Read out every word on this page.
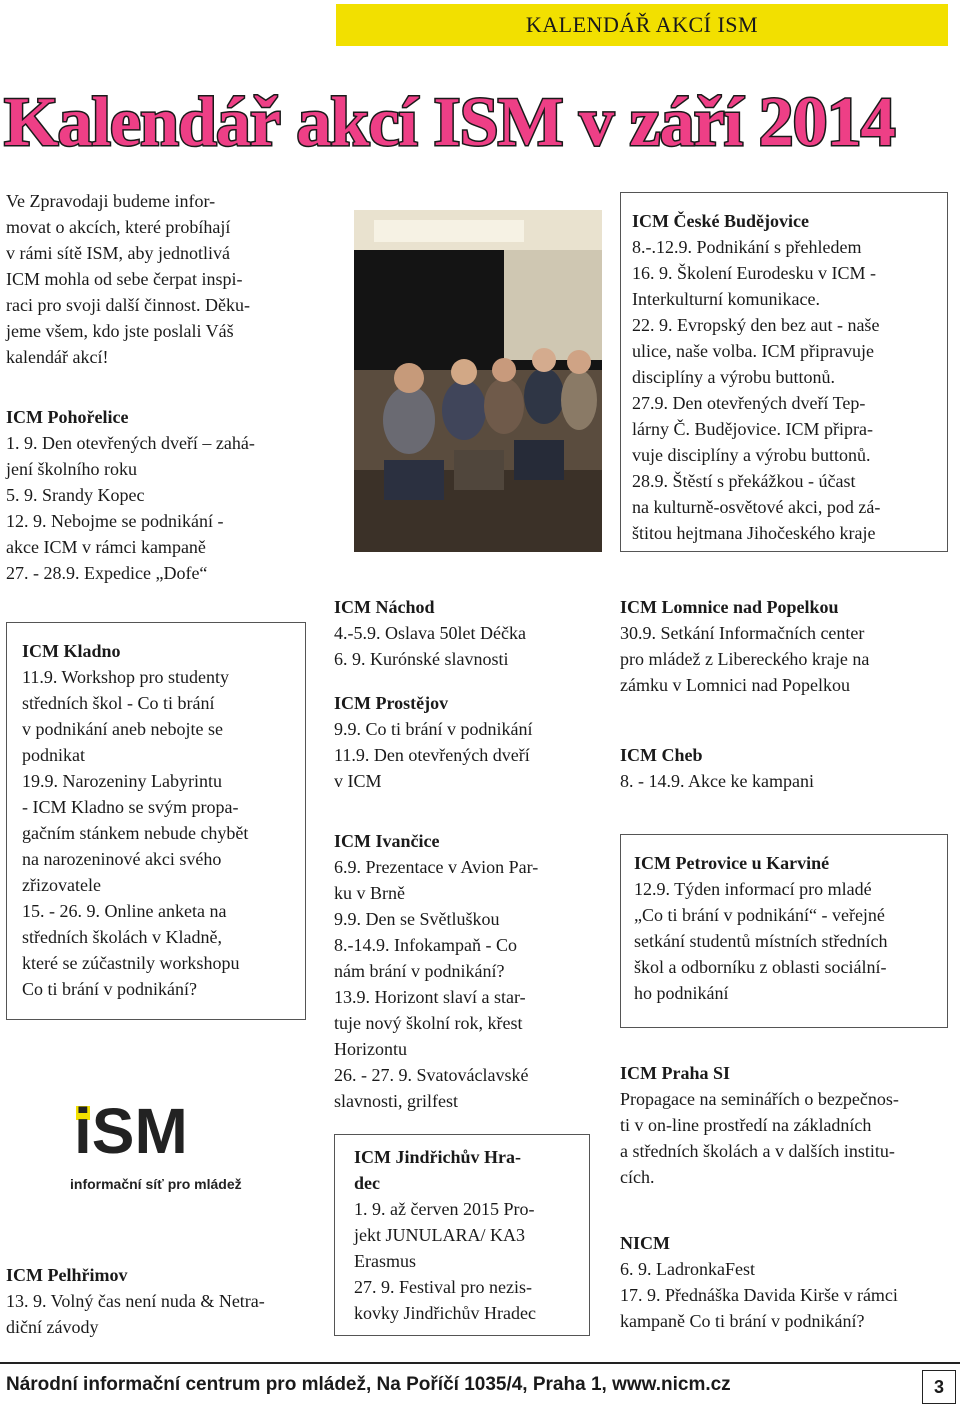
KALENDÁŘ AKCÍ ISM
Kalendář akcí ISM v září 2014

Ve Zpravodaji budeme infor-

movat o akcích, které probíhají

v rámi sítě ISM, aby jednotlivá

ICM mohla od sebe čerpat inspi-

raci pro svoji další činnost. Děku-

jeme všem, kdo jste poslali Váš

kalendář akcí!

ICM Pohořelice

1. 9. Den otevřených dveří – zahá-

jení školního roku

5. 9. Srandy Kopec

12. 9. Nebojme se podnikání -

akce ICM v rámci kampaně

27. - 28.9. Expedice „Dofe“

ICM Kladno

11.9. Workshop pro studenty

středních škol - Co ti brání

v podnikání aneb nebojte se

podnikat

19.9. Narozeniny Labyrintu

- ICM Kladno se svým propa-

gačním stánkem nebude chybět

na narozeninové akci svého

zřizovatele

15. - 26. 9. Online anketa na

středních školách v Kladně,

které se zúčastnily workshopu

Co ti brání v podnikání?

iSM
informační síť pro mládež

ICM Pelhřimov

13. 9. Volný čas není nuda & Netra-

diční závody

ICM Náchod

4.-5.9. Oslava 50let Déčka

6. 9. Kurónské slavnosti

ICM Prostějov

9.9. Co ti brání v podnikání

11.9. Den otevřených dveří

v ICM

ICM Ivančice

6.9. Prezentace v Avion Par-

ku v Brně

9.9. Den se Světluškou

8.-14.9. Infokampaň - Co

nám brání v podnikání?

13.9. Horizont slaví a star-

tuje nový školní rok, křest

Horizontu

26. - 27. 9. Svatováclavské

slavnosti, grilfest

ICM Jindřichův Hra-

dec

1. 9. až červen 2015 Pro-

jekt JUNULARA/ KA3

Erasmus

27. 9. Festival pro nezis-

kovky Jindřichův Hradec

ICM České Budějovice

8.-.12.9. Podnikání s přehledem

16. 9. Školení Eurodesku v ICM -

Interkulturní komunikace.

22. 9. Evropský den bez aut - naše

ulice, naše volba. ICM připravuje

disciplíny a výrobu buttonů.

27.9. Den otevřených dveří Tep-

lárny Č. Budějovice. ICM připra-

vuje disciplíny a výrobu buttonů.

28.9. Štěstí s překážkou - účast

na kulturně-osvětové akci, pod zá-

štitou hejtmana Jihočeského kraje

ICM Lomnice nad Popelkou

30.9. Setkání Informačních center

pro mládež z Libereckého kraje na

zámku v Lomnici nad Popelkou

ICM Cheb

8. - 14.9. Akce ke kampani

ICM Petrovice u Karviné

12.9. Týden informací pro mladé

„Co ti brání v podnikání“ - veřejné

setkání studentů místních středních

škol a odborníku z oblasti sociální-

ho podnikání

ICM Praha SI

Propagace na seminářích o bezpečnos-

ti v on-line prostředí na základních

a středních školách a v dalších institu-

cích.

NICM

6. 9. LadronkaFest

17. 9. Přednáška Davida Kirše v rámci

kampaně Co ti brání v podnikání?

Národní informační centrum pro mládež, Na Poříčí 1035/4, Praha 1, www.nicm.cz	3
